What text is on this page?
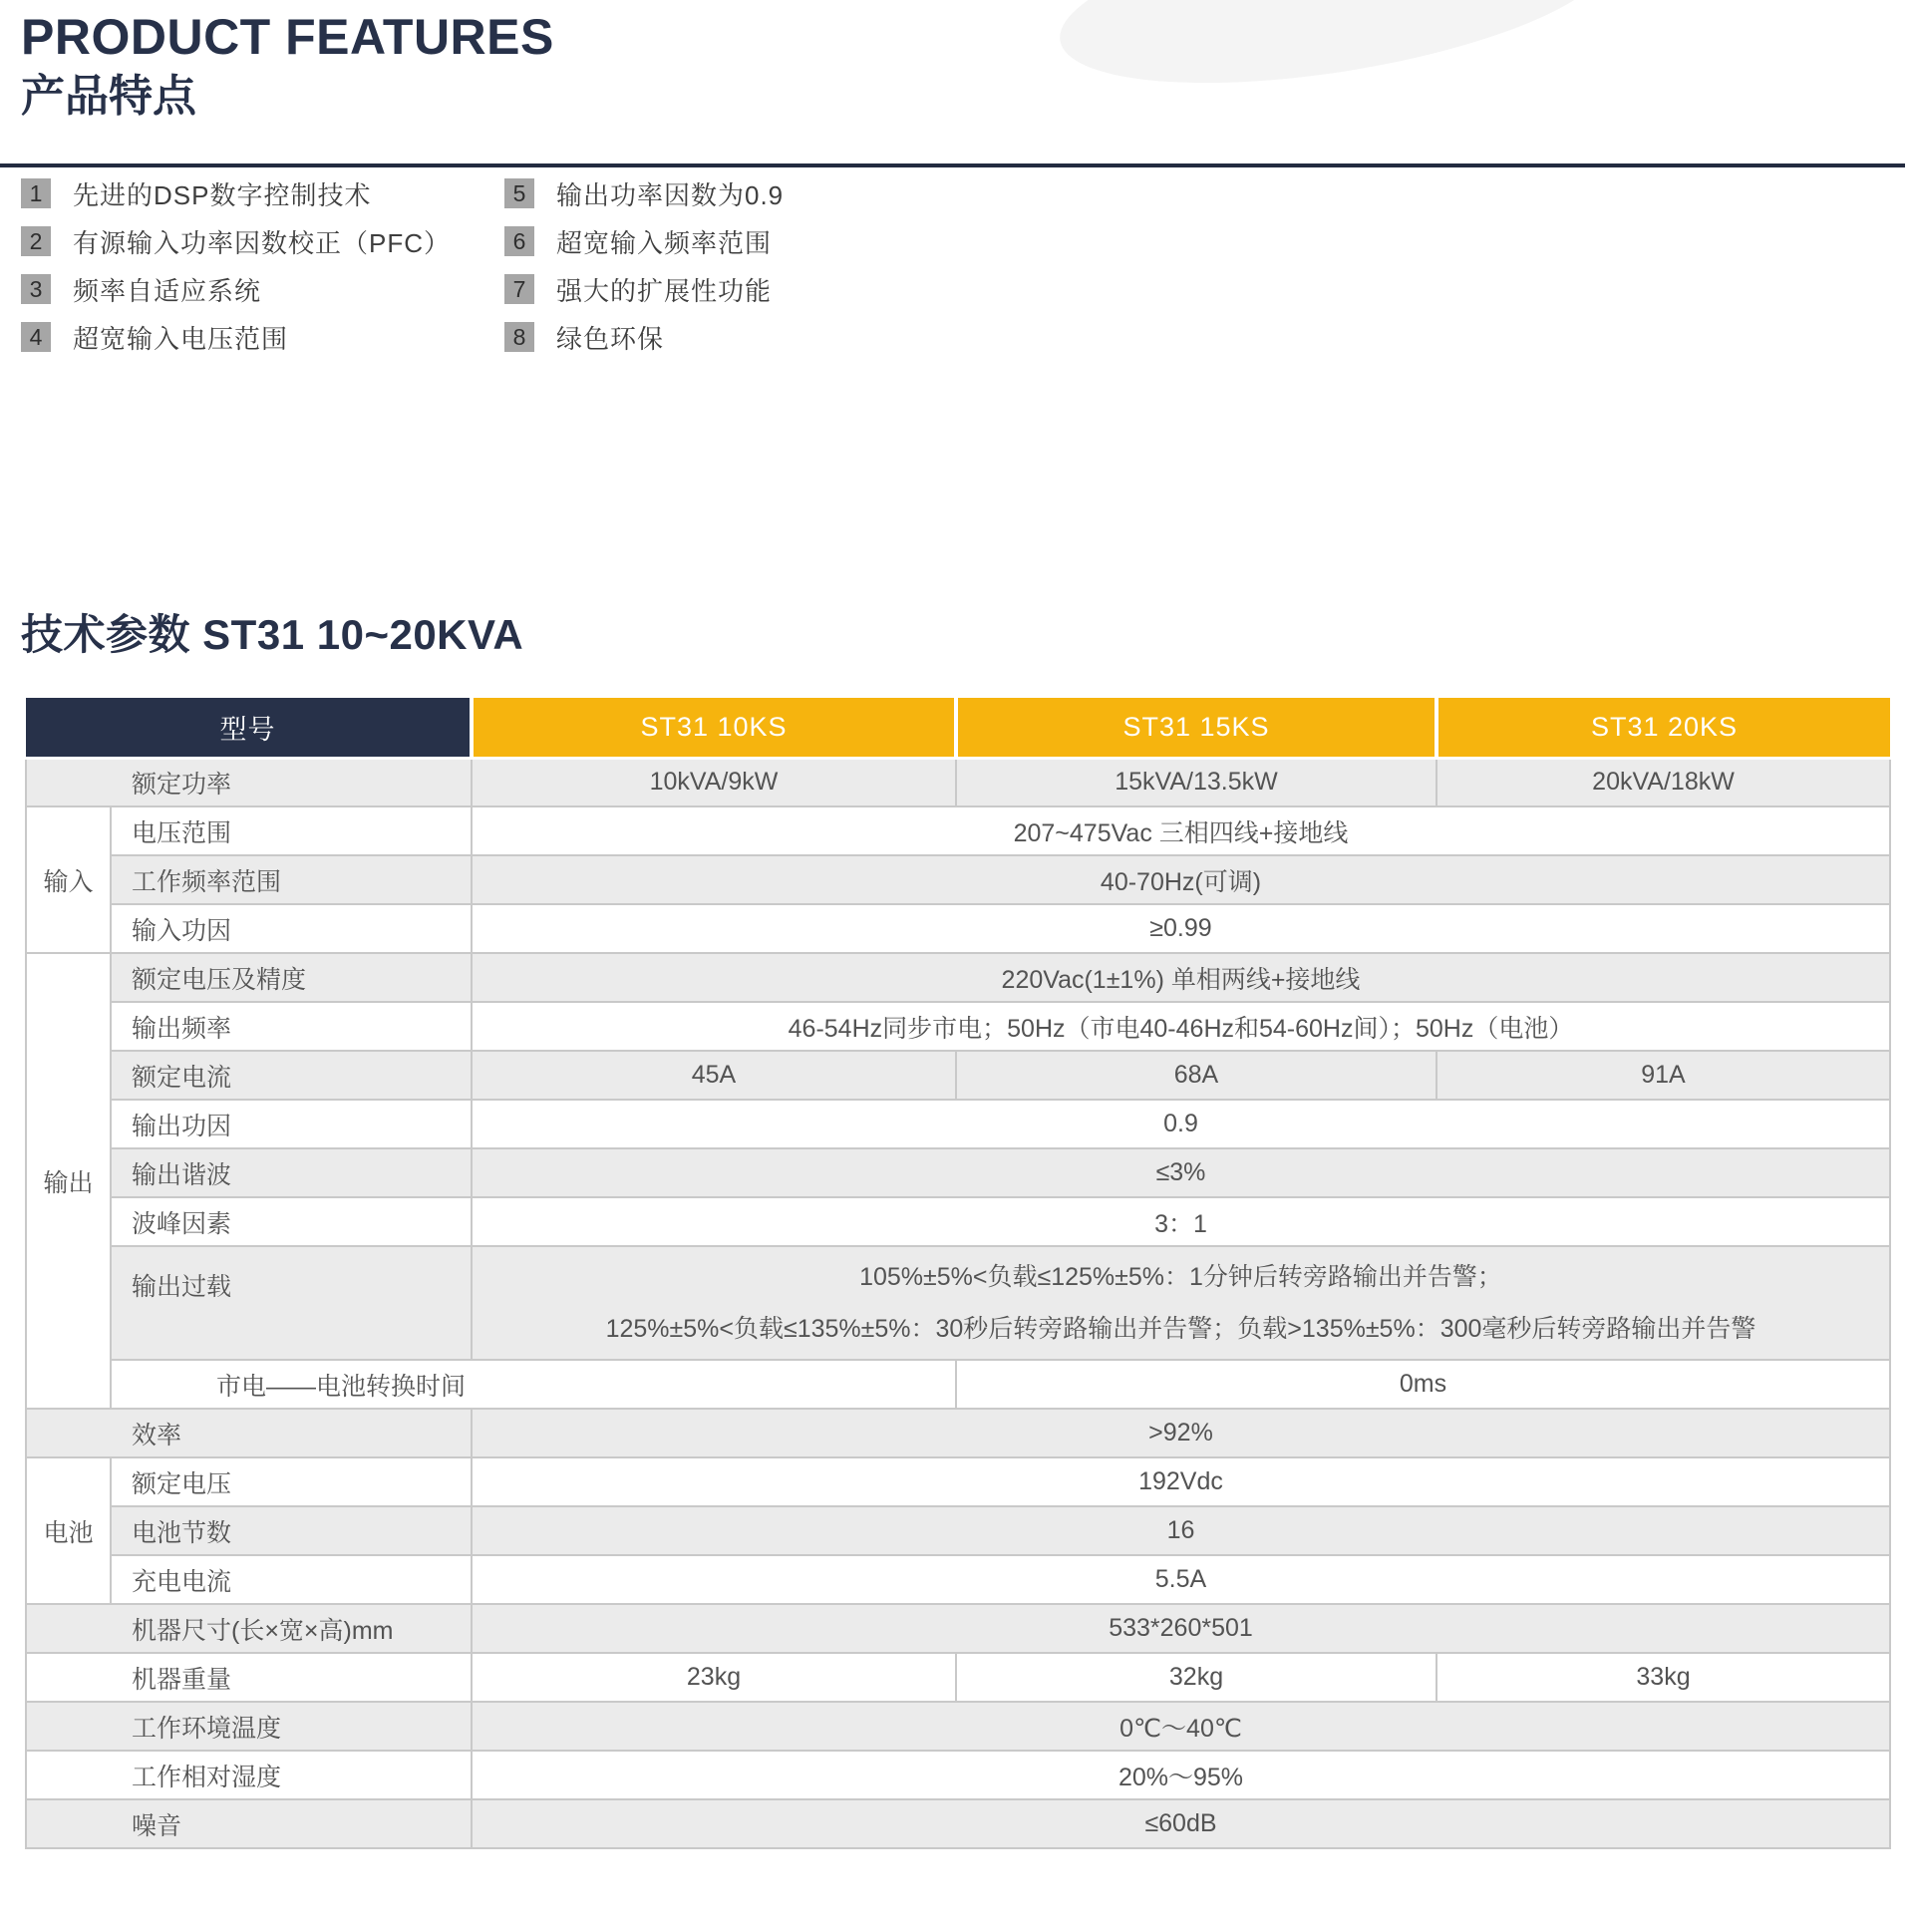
PRODUCT FEATURES
产品特点
1	先进的DSP数字控制技术
2	有源输入功率因数校正（PFC）
3	频率自适应系统
4	超宽输入电压范围
5	输出功率因数为0.9
6	超宽输入频率范围
7	强大的扩展性功能
8	绿色环保
技术参数 ST31 10~20KVA
型号		ST31 10KS	ST31 15KS	ST31 20KS
额定功率		10kVA/9kW	15kVA/13.5kW	20kVA/18kW
输入	电压范围	207~475Vac 三相四线+接地线		
	工作频率范围	40-70Hz(可调)		
	输入功因	≥0.99		
输出	额定电压及精度	220Vac(1±1%) 单相两线+接地线		
	输出频率	46-54Hz同步市电；50Hz（市电40-46Hz和54-60Hz间）；50Hz（电池）		
	额定电流	45A	68A	91A
	输出功因	0.9		
	输出谐波	≤3%		
	波峰因素	3：1		
	输出过载	105%±5%<负载≤125%±5%：1分钟后转旁路输出并告警；
125%±5%<负载≤135%±5%：30秒后转旁路输出并告警；负载>135%±5%：300毫秒后转旁路输出并告警		

	市电——电池转换时间		0ms	
效率		>92%		
电池	额定电压	192Vdc		
	电池节数	16		
	充电电流	5.5A		
机器尺寸(长×宽×高)mm		533*260*501		
机器重量		23kg	32kg	33kg
工作环境温度		0℃～40℃		
工作相对湿度		20%～95%		
噪音		≤60dB		
